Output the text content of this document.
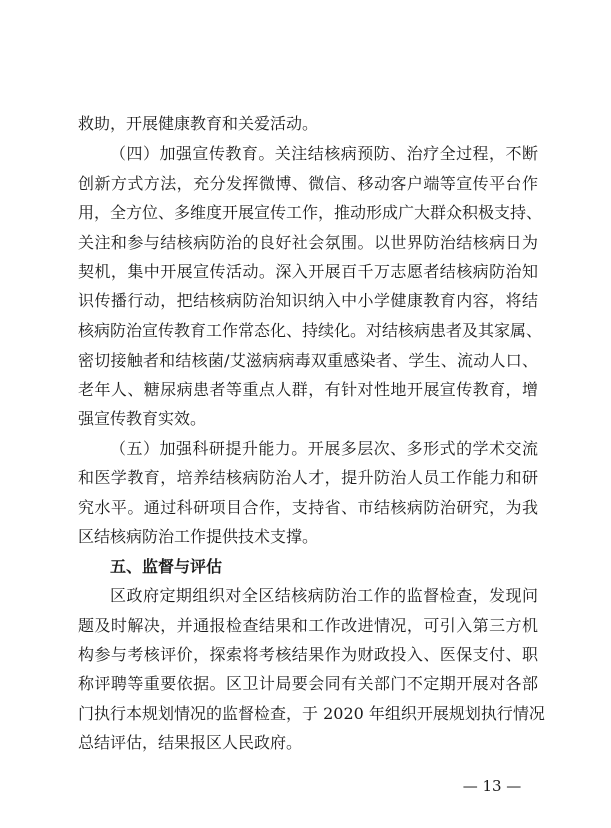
救助，开展健康教育和关爱活动。
（四）加强宣传教育。关注结核病预防、治疗全过程，不断
创新方式方法，充分发挥微博、微信、移动客户端等宣传平台作
用，全方位、多维度开展宣传工作，推动形成广大群众积极支持、
关注和参与结核病防治的良好社会氛围。以世界防治结核病日为
契机，集中开展宣传活动。深入开展百千万志愿者结核病防治知
识传播行动，把结核病防治知识纳入中小学健康教育内容，将结
核病防治宣传教育工作常态化、持续化。对结核病患者及其家属、
密切接触者和结核菌/艾滋病病毒双重感染者、学生、流动人口、
老年人、糖尿病患者等重点人群，有针对性地开展宣传教育，增
强宣传教育实效。
（五）加强科研提升能力。开展多层次、多形式的学术交流
和医学教育，培养结核病防治人才，提升防治人员工作能力和研
究水平。通过科研项目合作，支持省、市结核病防治研究，为我
区结核病防治工作提供技术支撑。
五、监督与评估
区政府定期组织对全区结核病防治工作的监督检查，发现问
题及时解决，并通报检查结果和工作改进情况，可引入第三方机
构参与考核评价，探索将考核结果作为财政投入、医保支付、职
称评聘等重要依据。区卫计局要会同有关部门不定期开展对各部
门执行本规划情况的监督检查，于 2020 年组织开展规划执行情况
总结评估，结果报区人民政府。
— 13 —
